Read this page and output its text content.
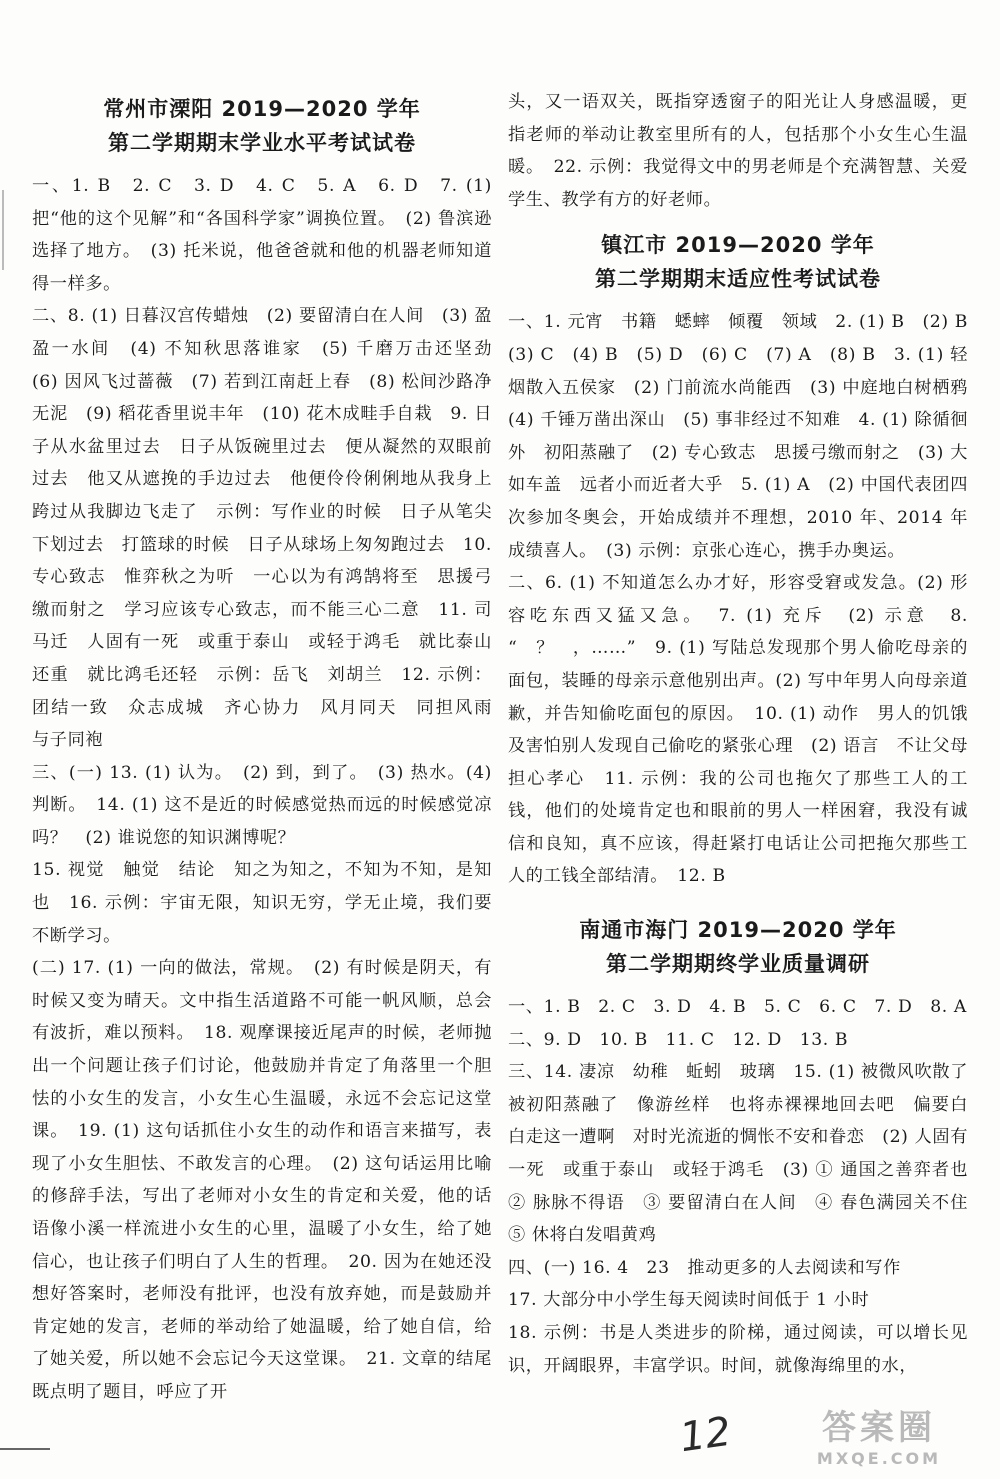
常州市溧阳 2019—2020 学年
第二学期期末学业水平考试试卷

一、1. B　2. C　3. D　4. C　5. A　6. D　7. (1) 把“他的这个见解”和“各国科学家”调换位置。　(2) 鲁滨逊选择了地方。　(3) 托米说，他爸爸就和他的机器老师知道得一样多。

二、8. (1) 日暮汉宫传蜡烛　(2) 要留清白在人间　(3) 盈盈一水间　(4) 不知秋思落谁家　(5) 千磨万击还坚劲　(6) 因风飞过蔷薇　(7) 若到江南赶上春　(8) 松间沙路净无泥　(9) 稻花香里说丰年　(10) 花木成畦手自栽　9. 日子从水盆里过去　日子从饭碗里过去　便从凝然的双眼前过去　他又从遮挽的手边过去　他便伶伶俐俐地从我身上跨过从我脚边飞走了　示例：写作业的时候　日子从笔尖下划过去　打篮球的时候　日子从球场上匆匆跑过去　10. 专心致志　惟弈秋之为听　一心以为有鸿鹄将至　思援弓缴而射之　学习应该专心致志，而不能三心二意　11. 司马迁　人固有一死　或重于泰山　或轻于鸿毛　就比泰山还重　就比鸿毛还轻　示例：岳飞　刘胡兰　12. 示例：团结一致　众志成城　齐心协力　风月同天　同担风雨　与子同袍

三、(一) 13. (1) 认为。　(2) 到，到了。　(3) 热水。(4) 判断。　14. (1) 这不是近的时候感觉热而远的时候感觉凉吗？　(2) 谁说您的知识渊博呢？

15. 视觉　触觉　结论　知之为知之，不知为不知，是知也　16. 示例：宇宙无限，知识无穷，学无止境，我们要不断学习。

(二) 17. (1) 一向的做法，常规。　(2) 有时候是阴天，有时候又变为晴天。文中指生活道路不可能一帆风顺，总会有波折，难以预料。　18. 观摩课接近尾声的时候，老师抛出一个问题让孩子们讨论，他鼓励并肯定了角落里一个胆怯的小女生的发言，小女生心生温暖，永远不会忘记这堂课。　19. (1) 这句话抓住小女生的动作和语言来描写，表现了小女生胆怯、不敢发言的心理。　(2) 这句话运用比喻的修辞手法，写出了老师对小女生的肯定和关爱，他的话语像小溪一样流进小女生的心里，温暖了小女生，给了她信心，也让孩子们明白了人生的哲理。　20. 因为在她还没想好答案时，老师没有批评，也没有放弃她，而是鼓励并肯定她的发言，老师的举动给了她温暖，给了她自信，给了她关爱，所以她不会忘记今天这堂课。　21. 文章的结尾既点明了题目，呼应了开

头，又一语双关，既指穿透窗子的阳光让人身感温暖，更指老师的举动让教室里所有的人，包括那个小女生心生温暖。　22. 示例：我觉得文中的男老师是个充满智慧、关爱学生、教学有方的好老师。

镇江市 2019—2020 学年
第二学期期末适应性考试试卷

一、1. 元宵　书籍　蟋蟀　倾覆　领域　2. (1) B　(2) B　(3) C　(4) B　(5) D　(6) C　(7) A　(8) B　3. (1) 轻烟散入五侯家　(2) 门前流水尚能西　(3) 中庭地白树栖鸦　(4) 千锤万凿出深山　(5) 事非经过不知难　4. (1) 除循徊外　初阳蒸融了　(2) 专心致志　思援弓缴而射之　(3) 大如车盖　远者小而近者大乎　5. (1) A　(2) 中国代表团四次参加冬奥会，开始成绩并不理想，2010 年、2014 年成绩喜人。　(3) 示例：京张心连心，携手办奥运。

二、6. (1) 不知道怎么办才好，形容受窘或发急。(2) 形容吃东西又猛又急。　7. (1) 充斥　(2) 示意　8. “　？　，……”　9. (1) 写陆总发现那个男人偷吃母亲的面包，装睡的母亲示意他别出声。(2) 写中年男人向母亲道歉，并告知偷吃面包的原因。　10. (1) 动作　男人的饥饿及害怕别人发现自己偷吃的紧张心理　(2) 语言　不让父母担心孝心　11. 示例：我的公司也拖欠了那些工人的工钱，他们的处境肯定也和眼前的男人一样困窘，我没有诚信和良知，真不应该，得赶紧打电话让公司把拖欠那些工人的工钱全部结清。　12. B

南通市海门 2019—2020 学年
第二学期期终学业质量调研

一、1. B　2. C　3. D　4. B　5. C　6. C　7. D　8. A

二、9. D　10. B　11. C　12. D　13. B

三、14. 凄凉　幼稚　蚯蚓　玻璃　15. (1) 被微风吹散了　被初阳蒸融了　像游丝样　也将赤裸裸地回去吧　偏要白白走这一遭啊　对时光流逝的惆怅不安和眷恋　(2) 人固有一死　或重于泰山　或轻于鸿毛　(3) ① 通国之善弈者也　② 脉脉不得语　③ 要留清白在人间　④ 春色满园关不住　⑤ 休将白发唱黄鸡

四、(一) 16. 4　23　推动更多的人去阅读和写作

17. 大部分中小学生每天阅读时间低于 1 小时

18. 示例：书是人类进步的阶梯，通过阅读，可以增长见识，开阔眼界，丰富学识。时间，就像海绵里的水，

12	答案圈
MXQE.COM
